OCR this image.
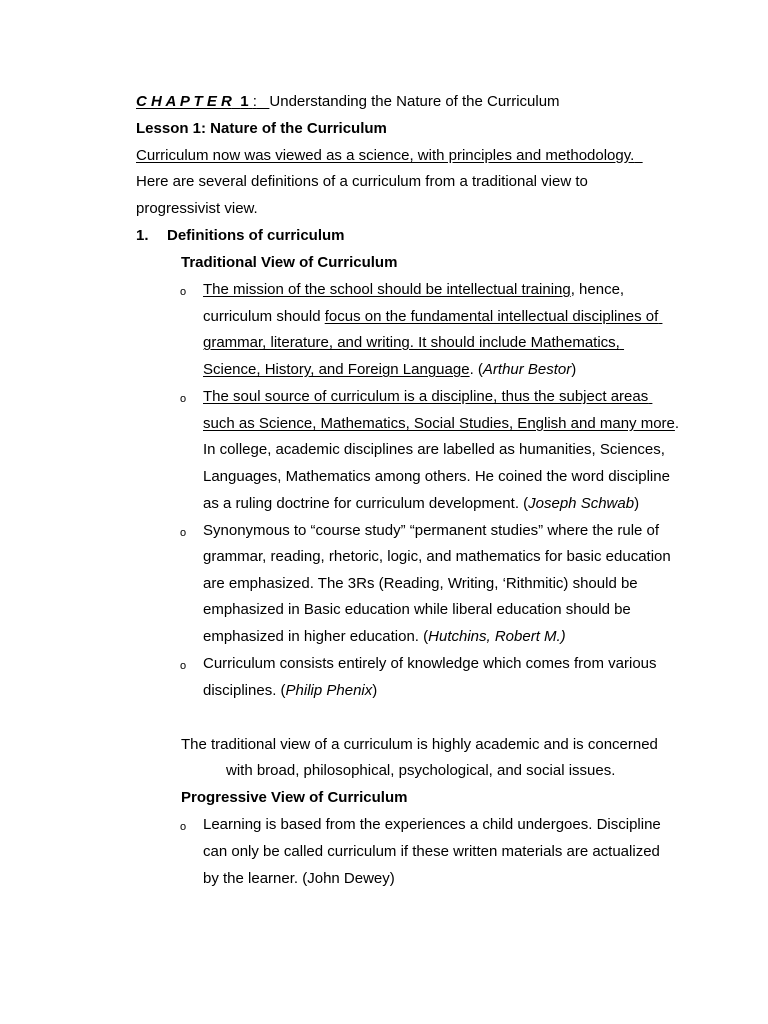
C H A P T E R 1 : Understanding the Nature of the Curriculum
Lesson 1: Nature of the Curriculum
Curriculum now was viewed as a science, with principles and methodology.
Here are several definitions of a curriculum from a traditional view to
progressivist view.
1. Definitions of curriculum
Traditional View of Curriculum
o
The mission of the school should be intellectual training, hence,
curriculum should focus on the fundamental intellectual disciplines of
grammar, literature, and writing. It should include Mathematics,
Science, History, and Foreign Language. (Arthur Bestor)
o
The soul source of curriculum is a discipline, thus the subject areas
such as Science, Mathematics, Social Studies, English and many more.
In college, academic disciplines are labelled as humanities, Sciences,
Languages, Mathematics among others. He coined the word discipline
as a ruling doctrine for curriculum development. (Joseph Schwab)
o
Synonymous to “course study” “permanent studies” where the rule of
grammar, reading, rhetoric, logic, and mathematics for basic education
are emphasized. The 3Rs (Reading, Writing, ‘Rithmitic) should be
emphasized in Basic education while liberal education should be
emphasized in higher education. (Hutchins, Robert M.)
o
Curriculum consists entirely of knowledge which comes from various
disciplines. (Philip Phenix)
The traditional view of a curriculum is highly academic and is concerned
with broad, philosophical, psychological, and social issues.
Progressive View of Curriculum
o
Learning is based from the experiences a child undergoes. Discipline
can only be called curriculum if these written materials are actualized
by the learner. (John Dewey)
